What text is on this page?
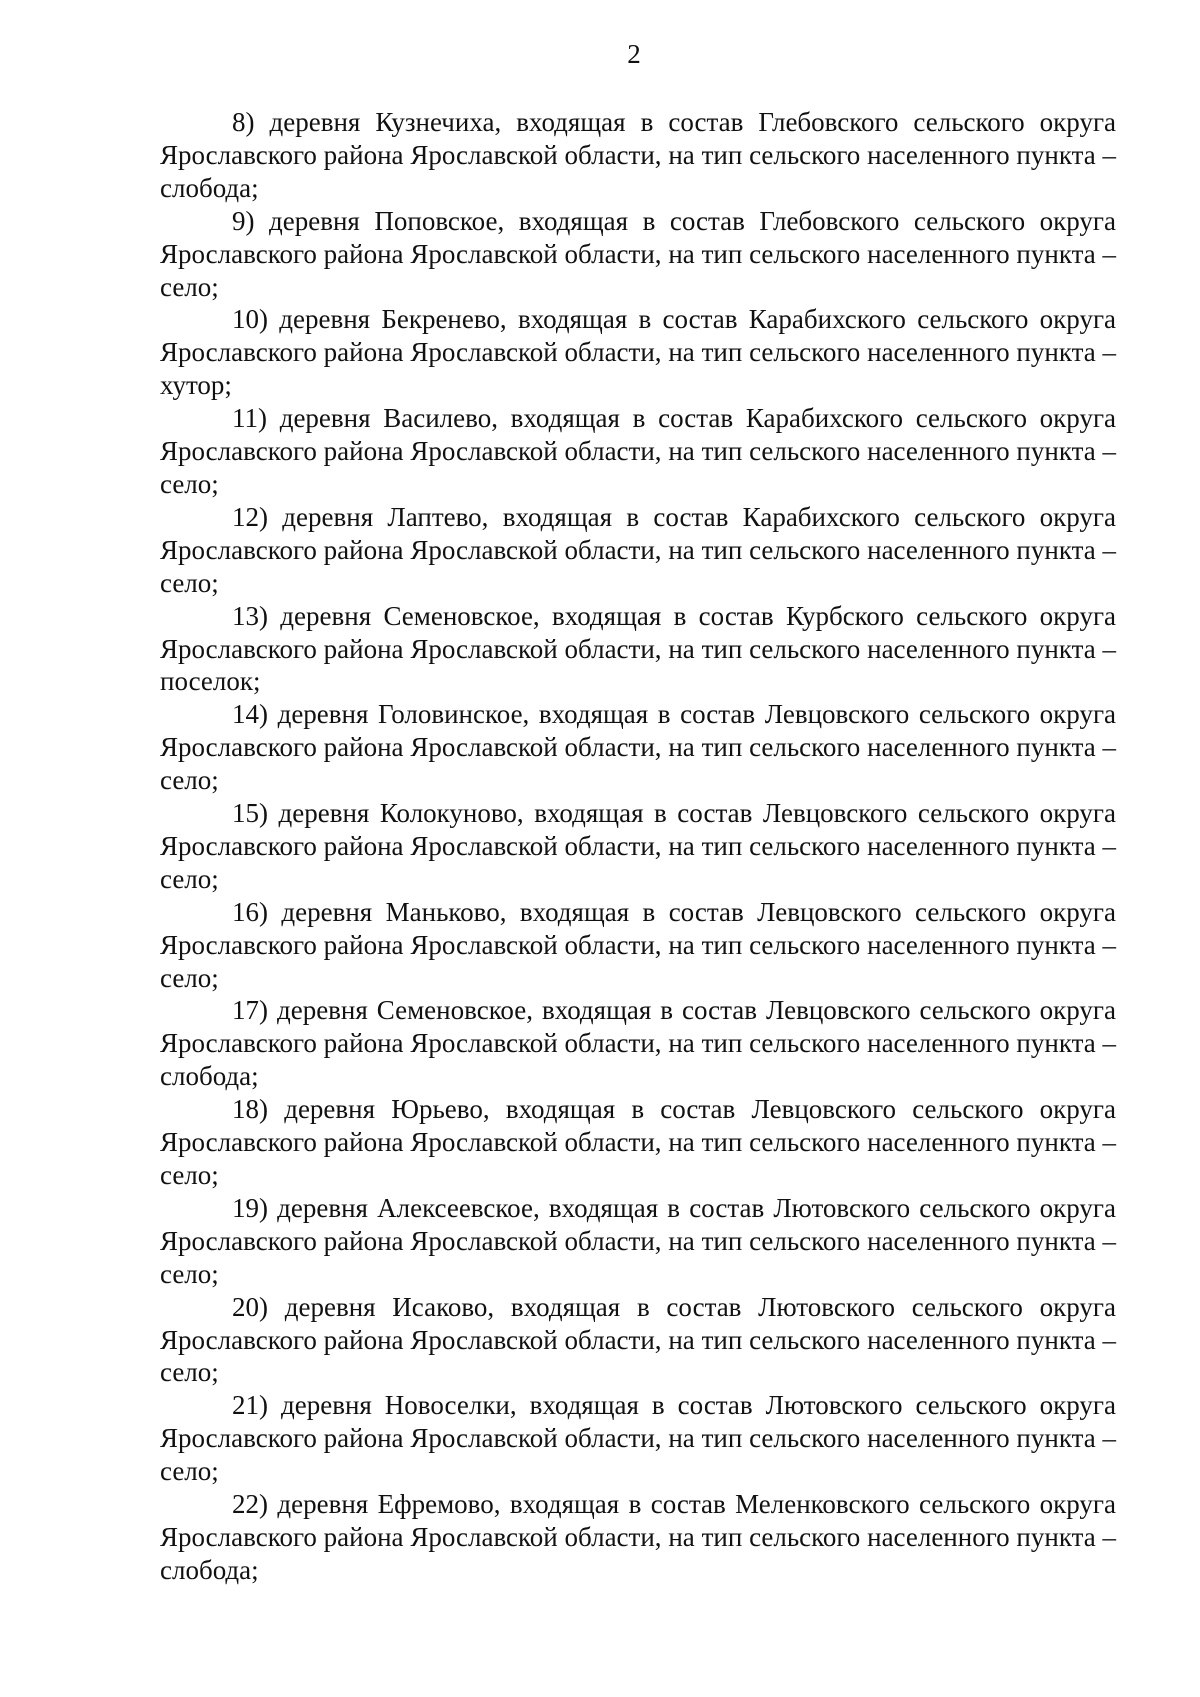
2

8) деревня Кузнечиха, входящая в состав Глебовского сельского округа Ярославского района Ярославской области, на тип сельского населенного пункта – слобода;

9) деревня Поповское, входящая в состав Глебовского сельского округа Ярославского района Ярославской области, на тип сельского населенного пункта – село;

10) деревня Бекренево, входящая в состав Карабихского сельского округа Ярославского района Ярославской области, на тип сельского населенного пункта – хутор;

11) деревня Василево, входящая в состав Карабихского сельского округа Ярославского района Ярославской области, на тип сельского населенного пункта – село;

12) деревня Лаптево, входящая в состав Карабихского сельского округа Ярославского района Ярославской области, на тип сельского населенного пункта – село;

13) деревня Семеновское, входящая в состав Курбского сельского округа Ярославского района Ярославской области, на тип сельского населенного пункта – поселок;

14) деревня Головинское, входящая в состав Левцовского сельского округа Ярославского района Ярославской области, на тип сельского населенного пункта – село;

15) деревня Колокуново, входящая в состав Левцовского сельского округа Ярославского района Ярославской области, на тип сельского населенного пункта – село;

16) деревня Маньково, входящая в состав Левцовского сельского округа Ярославского района Ярославской области, на тип сельского населенного пункта – село;

17) деревня Семеновское, входящая в состав Левцовского сельского округа Ярославского района Ярославской области, на тип сельского населенного пункта – слобода;

18) деревня Юрьево, входящая в состав Левцовского сельского округа Ярославского района Ярославской области, на тип сельского населенного пункта – село;

19) деревня Алексеевское, входящая в состав Лютовского сельского округа Ярославского района Ярославской области, на тип сельского населенного пункта – село;

20) деревня Исаково, входящая в состав Лютовского сельского округа Ярославского района Ярославской области, на тип сельского населенного пункта – село;

21) деревня Новоселки, входящая в состав Лютовского сельского округа Ярославского района Ярославской области, на тип сельского населенного пункта – село;

22) деревня Ефремово, входящая в состав Меленковского сельского округа Ярославского района Ярославской области, на тип сельского населенного пункта – слобода;
